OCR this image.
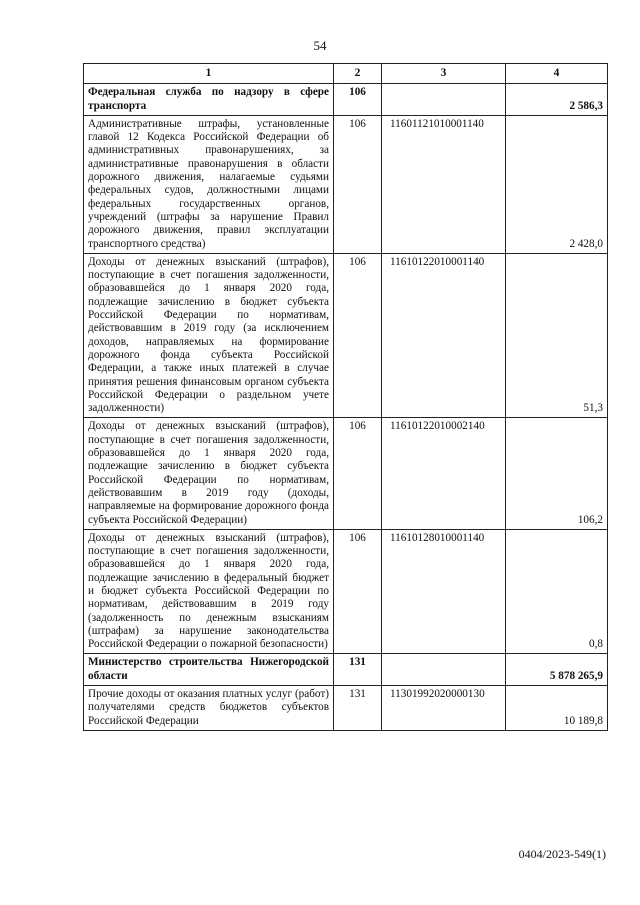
54
1	2	3	4
Федеральная служба по надзору в сфере транспорта	106		2 586,3
Административные штрафы, установленные главой 12 Кодекса Российской Федерации об административных правонарушениях, за административные правонарушения в области дорожного движения, налагаемые судьями федеральных судов, должностными лицами федеральных государственных органов, учреждений (штрафы за нарушение Правил дорожного движения, правил эксплуатации транспортного средства)	106	11601121010001140	2 428,0
Доходы от денежных взысканий (штрафов), поступающие в счет погашения задолженности, образовавшейся до 1 января 2020 года, подлежащие зачислению в бюджет субъекта Российской Федерации по нормативам, действовавшим в 2019 году (за исключением доходов, направляемых на формирование дорожного фонда субъекта Российской Федерации, а также иных платежей в случае принятия решения финансовым органом субъекта Российской Федерации о раздельном учете задолженности)	106	11610122010001140	51,3
Доходы от денежных взысканий (штрафов), поступающие в счет погашения задолженности, образовавшейся до 1 января 2020 года, подлежащие зачислению в бюджет субъекта Российской Федерации по нормативам, действовавшим в 2019 году (доходы, направляемые на формирование дорожного фонда субъекта Российской Федерации)	106	11610122010002140	106,2
Доходы от денежных взысканий (штрафов), поступающие в счет погашения задолженности, образовавшейся до 1 января 2020 года, подлежащие зачислению в федеральный бюджет и бюджет субъекта Российской Федерации по нормативам, действовавшим в 2019 году (задолженность по денежным взысканиям (штрафам) за нарушение законодательства Российской Федерации о пожарной безопасности)	106	11610128010001140	0,8
Министерство строительства Нижегородской области	131		5 878 265,9
Прочие доходы от оказания платных услуг (работ) получателями средств бюджетов субъектов Российской Федерации	131	11301992020000130	10 189,8
0404/2023-549(1)
